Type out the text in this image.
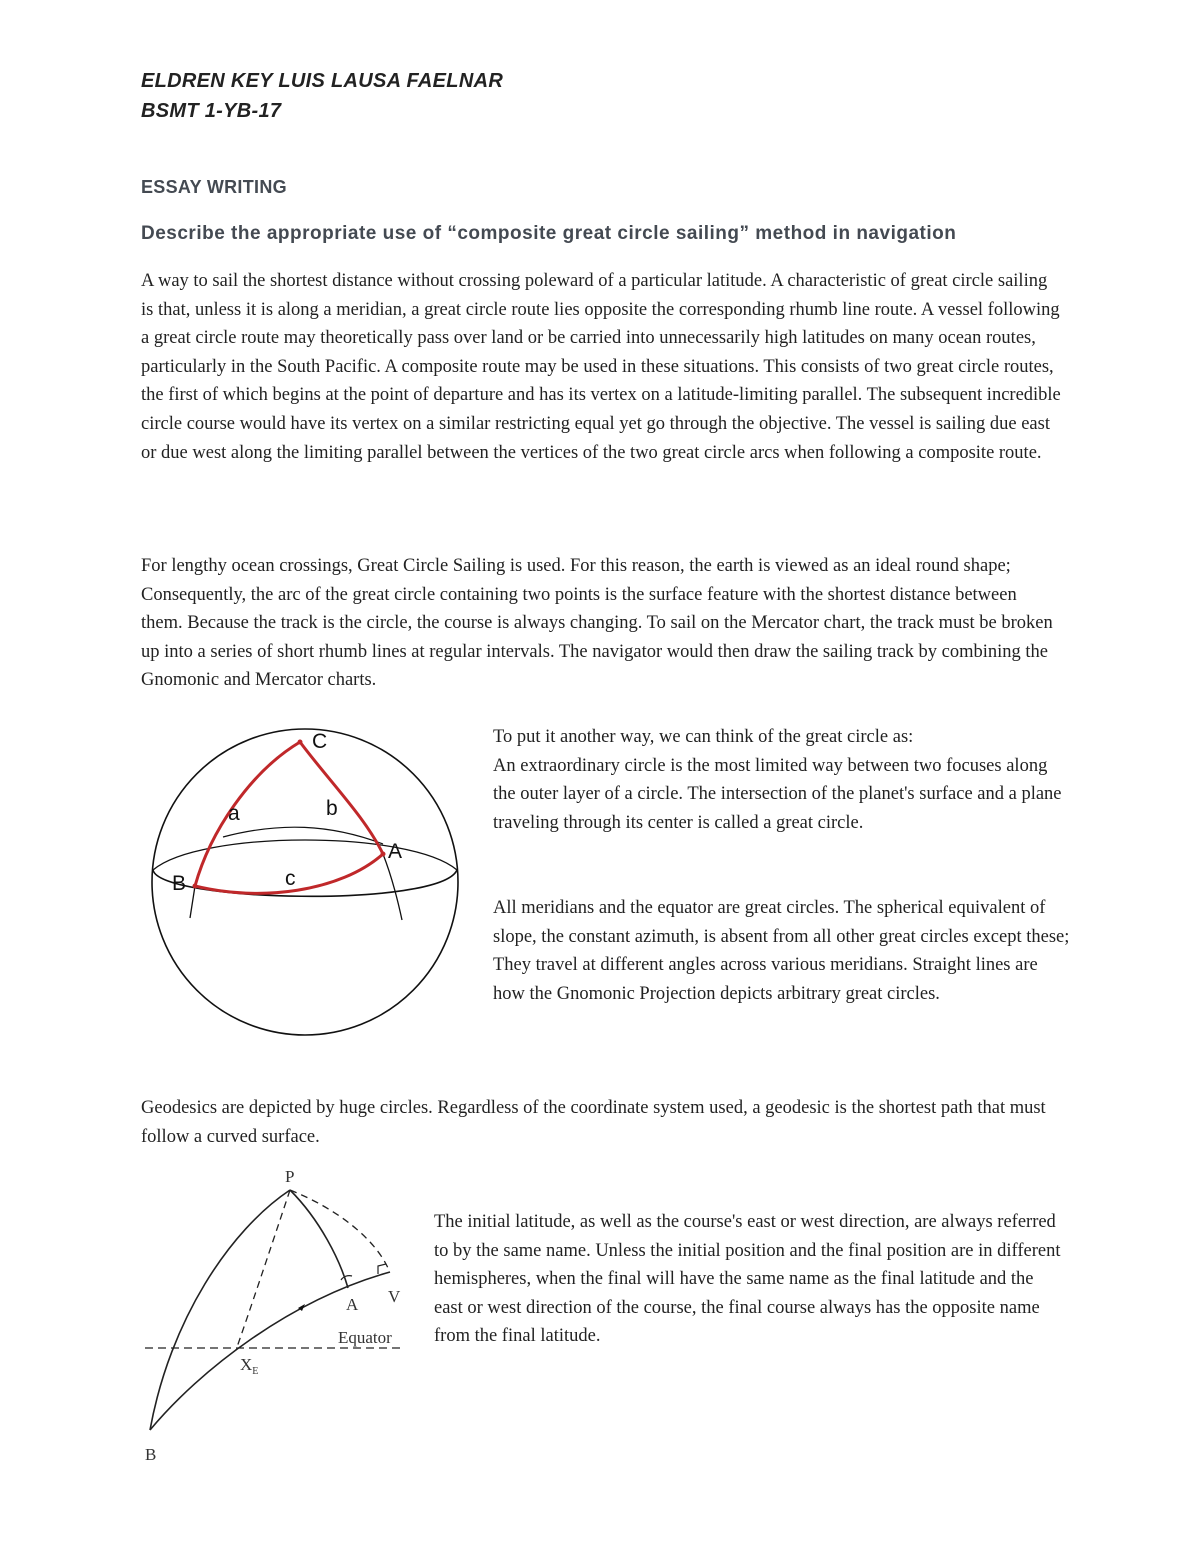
ELDREN KEY LUIS LAUSA FAELNAR
BSMT 1-YB-17
ESSAY WRITING
Describe the appropriate use of “composite great circle sailing” method in navigation

A way to sail the shortest distance without crossing poleward of a particular latitude. A characteristic of great circle sailing is that, unless it is along a meridian, a great circle route lies opposite the corresponding rhumb line route. A vessel following a great circle route may theoretically pass over land or be carried into unnecessarily high latitudes on many ocean routes, particularly in the South Pacific. A composite route may be used in these situations. This consists of two great circle routes, the first of which begins at the point of departure and has its vertex on a latitude-limiting parallel. The subsequent incredible circle course would have its vertex on a similar restricting equal yet go through the objective. The vessel is sailing due east or due west along the limiting parallel between the vertices of the two great circle arcs when following a composite route.

For lengthy ocean crossings, Great Circle Sailing is used. For this reason, the earth is viewed as an ideal round shape; Consequently, the arc of the great circle containing two points is the surface feature with the shortest distance between them. Because the track is the circle, the course is always changing. To sail on the Mercator chart, the track must be broken up into a series of short rhumb lines at regular intervals. The navigator would then draw the sailing track by combining the Gnomonic and Mercator charts.

C
a	b
A
B	c

To put it another way, we can think of the great circle as:

An extraordinary circle is the most limited way between two focuses along the outer layer of a circle. The intersection of the planet's surface and a plane traveling through its center is called a great circle.

All meridians and the equator are great circles. The spherical equivalent of slope, the constant azimuth, is absent from all other great circles except these; They travel at different angles across various meridians. Straight lines are how the Gnomonic Projection depicts arbitrary great circles.

Geodesics are depicted by huge circles. Regardless of the coordinate system used, a geodesic is the shortest path that must follow a curved surface.

P
A V
Equator
$X_E$
B

The initial latitude, as well as the course's east or west direction, are always referred to by the same name. Unless the initial position and the final position are in different hemispheres, when the final will have the same name as the final latitude and the east or west direction of the course, the final course always has the opposite name from the final latitude.
